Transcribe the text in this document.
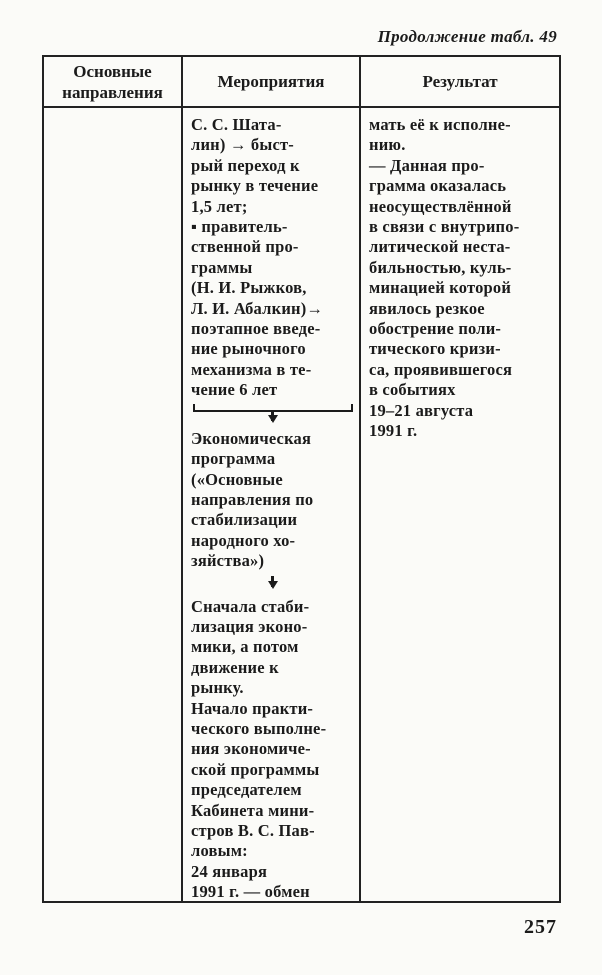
Продолжение табл. 49
Основные направления
Мероприятия	Результат
С. С. Шата-
лин) → быст-
рый переход к
рынку в течение
1,5 лет;
▪ правитель-
ственной про-
граммы
(Н. И. Рыжков,
Л. И. Абалкин)→
поэтапное введе-
ние рыночного
механизма в те-
чение 6 лет
Экономическая
программа
(«Основные
направления по
стабилизации
народного хо-
зяйства»)
Сначала стаби-
лизация эконо-
мики, а потом
движение к
рынку.
Начало практи-
ческого выполне-
ния экономиче-
ской программы
председателем
Кабинета мини-
стров В. С. Пав-
ловым:
24 января
1991 г. — обмен
мать её к исполне-
нию.
— Данная про-
грамма оказалась
неосуществлённой
в связи с внутрипо-
литической неста-
бильностью, куль-
минацией которой
явилось резкое
обострение поли-
тического кризи-
са, проявившегося
в событиях
19–21 августа
1991 г.
257
